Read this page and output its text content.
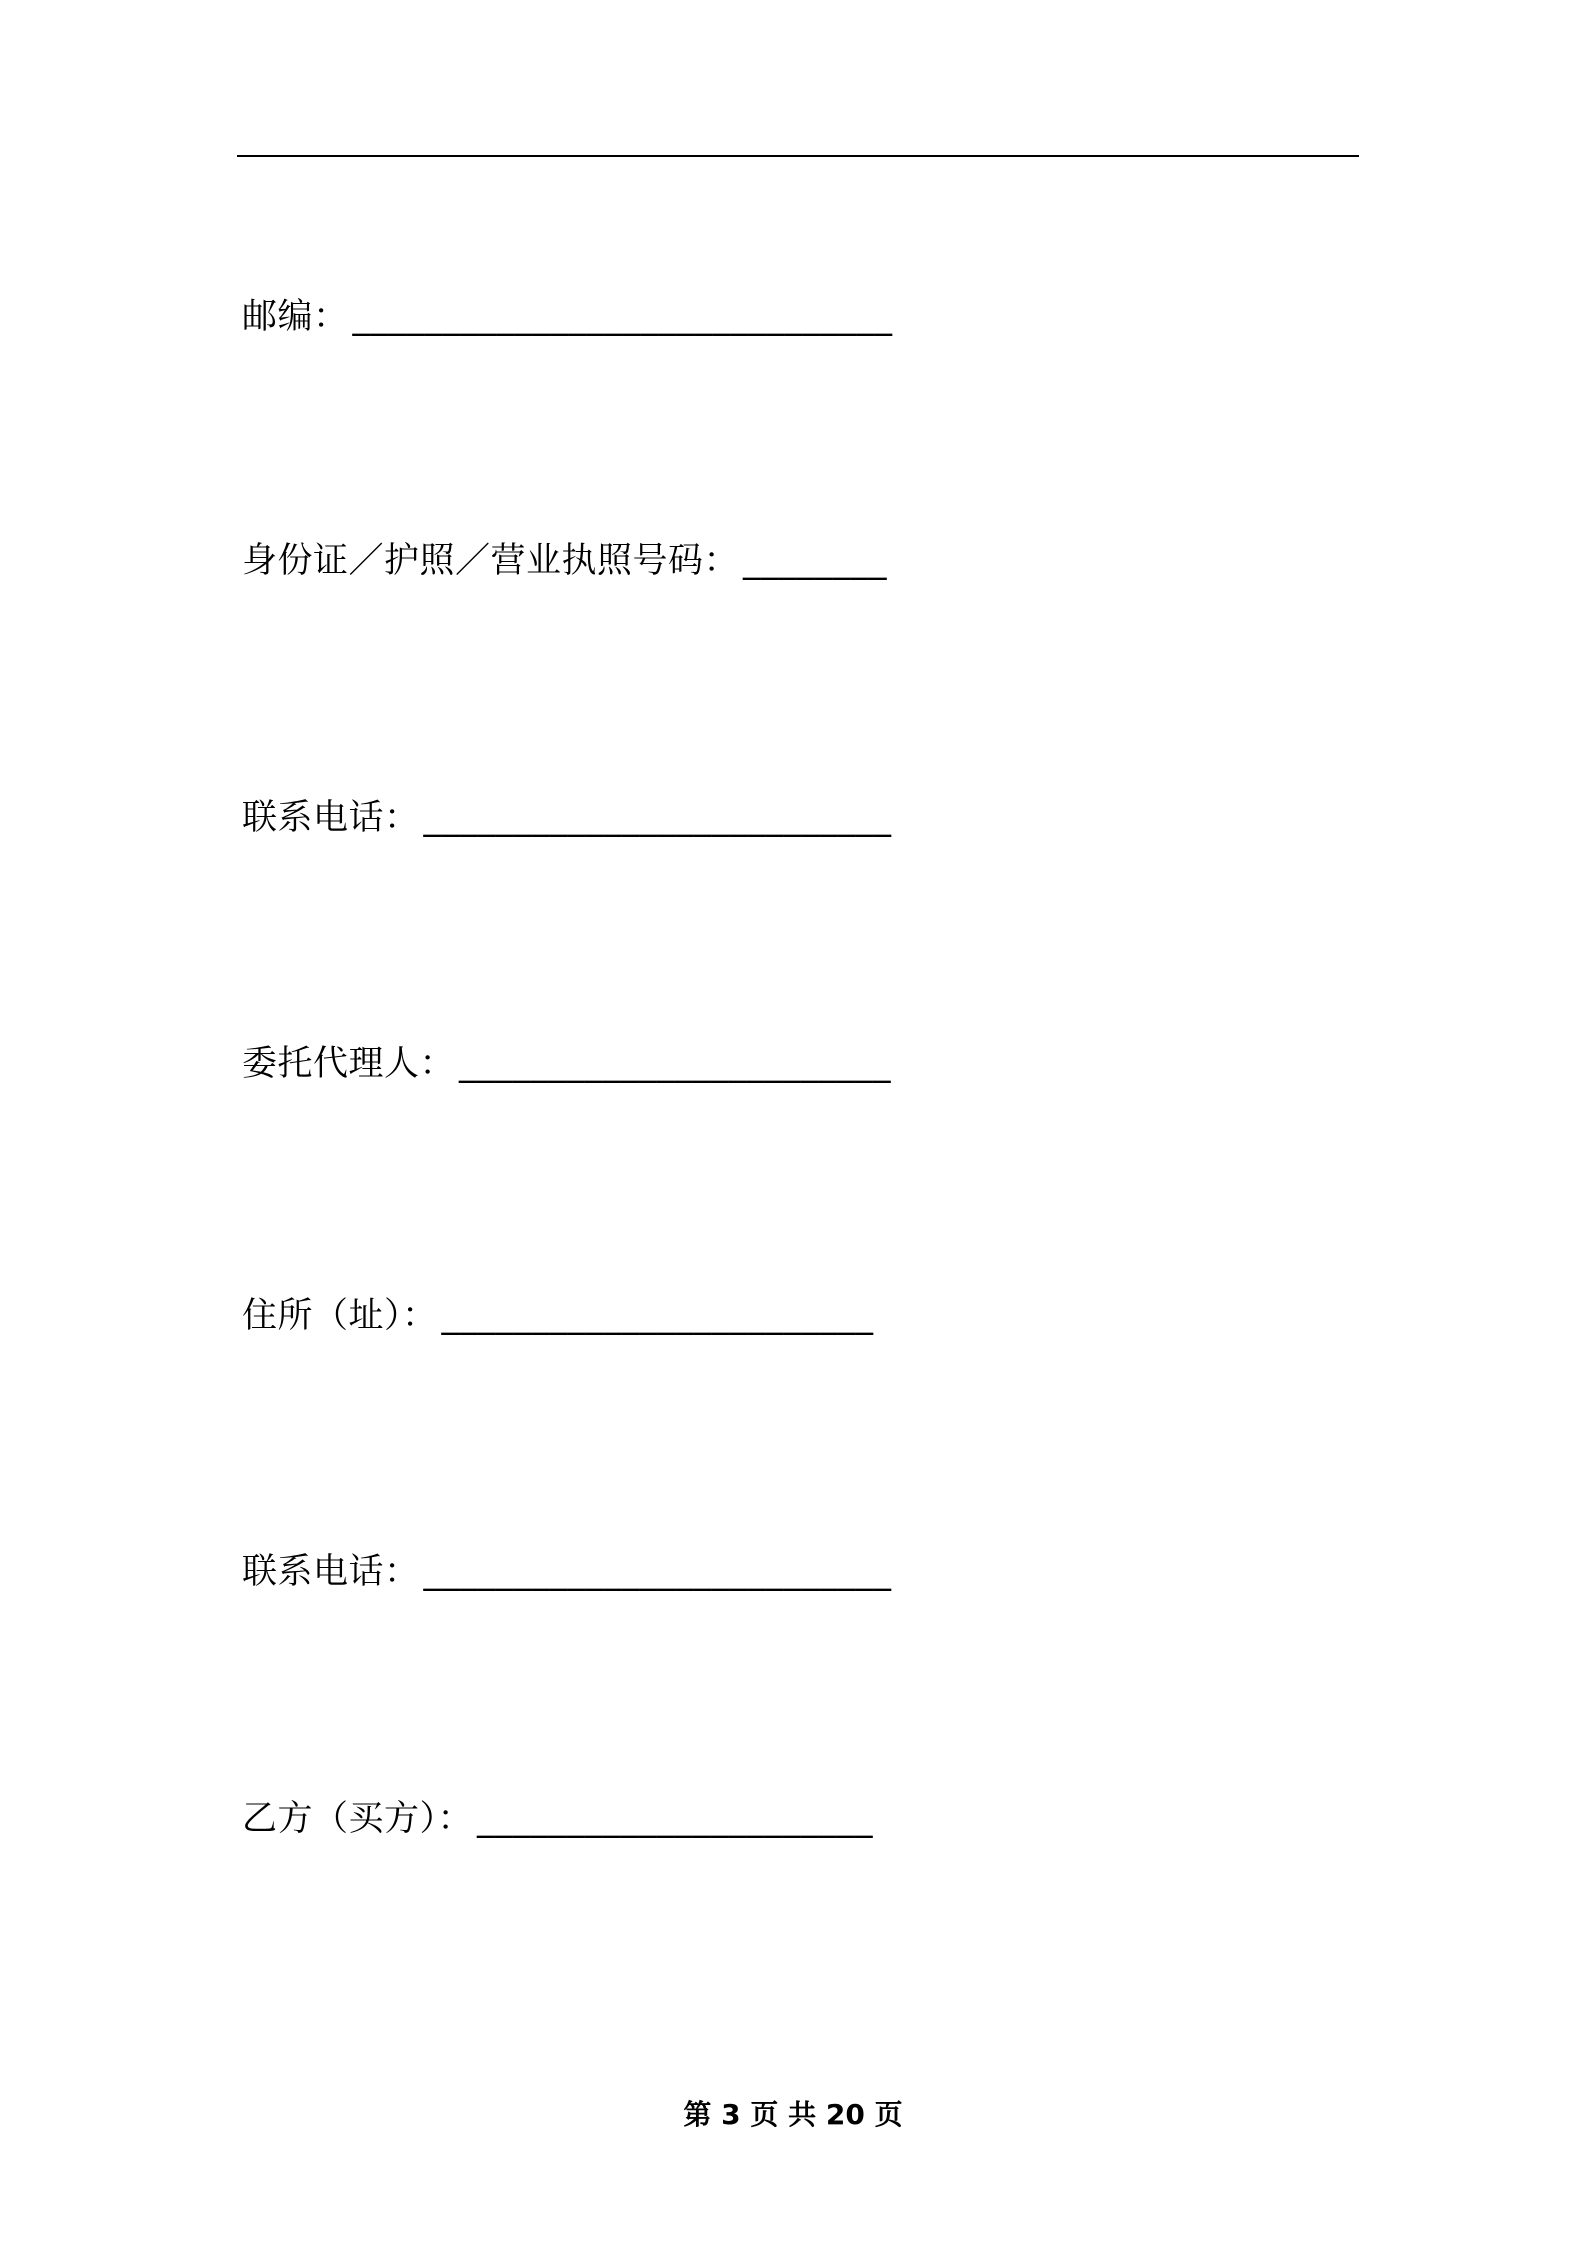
邮编： ______________________________
身份证／护照／营业执照号码： ________
联系电话： __________________________
委托代理人： ________________________
住所（址）： ________________________
联系电话： __________________________
乙方（买方）： ______________________
第 3 页 共 20 页
